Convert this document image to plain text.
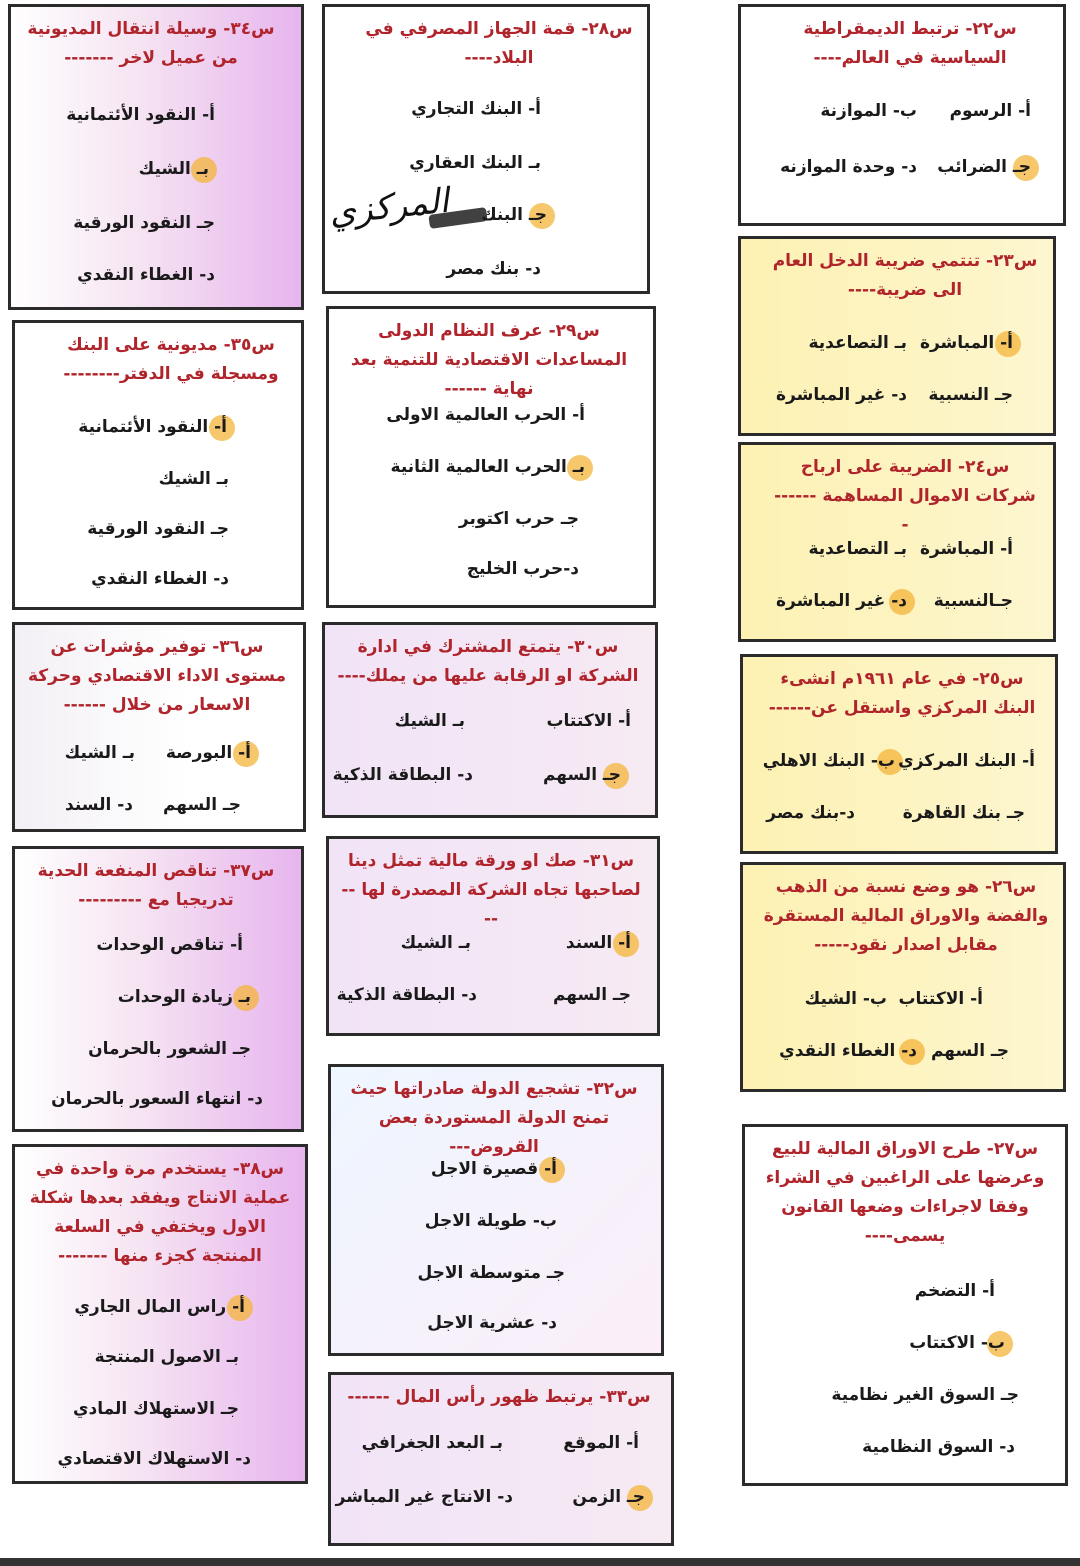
س٢٢- ترتبط الديمقراطية السياسية في العالم----
أ- الرسوم
ب- الموازنة
جـ الضرائب
د- وحدة الموازنه
س٢٣- تنتمي ضريبة الدخل العام الى ضريبة----
أ- المباشرة
بـ التصاعدية
جـ النسبية
د- غير المباشرة
س٢٤- الضريبة على ارباح شركات الاموال المساهمة -------
أ- المباشرة
بـ التصاعدية
جـالنسبية
د- غير المباشرة
س٢٥- في عام ١٩٦١م انشىء البنك المركزي واستقل عن------
أ- البنك المركزي
ب- البنك الاهلي
جـ بنك القاهرة
د-بنك مصر
س٢٦- هو وضع نسبة من الذهب والفضة والاوراق المالية المستقرة مقابل اصدار نقود-----
أ- الاكتتاب
ب- الشيك
جـ السهم
د- الغطاء النقدي
س٢٧- طرح الاوراق المالية للبيع وعرضها على الراغبين في الشراء وفقا لاجراءات وضعها القانون يسمى----
أ- التضخم
ب- الاكتتاب
جـ السوق الغير نظامية
د- السوق النظامية
س٢٨- قمة الجهاز المصرفي في البلاد----
أ- البنك التجاري
بـ البنك العقاري
جـ البنك
المركزي
د- بنك مصر
س٢٩- عرف النظام الدولى المساعدات الاقتصادية للتنمية بعد نهاية ------
أ- الحرب العالمية الاولى
بـ الحرب العالمية الثانية
جـ حرب اكتوبر
د-حرب الخليج
س٣٠- يتمتع المشترك في ادارة الشركة او الرقابة عليها من يملك----
أ- الاكتتاب
بـ الشيك
جـ السهم
د- البطاقة الذكية
س٣١- صك او ورقة مالية تمثل دينا لصاحبها تجاه الشركة المصدرة لها ----
أ- السند
بـ الشيك
جـ السهم
د- البطاقة الذكية
س٣٢- تشجيع الدولة صادراتها حيث تمنح الدولة المستوردة بعض القروض---
أ- قصيرة الاجل
ب- طويلة الاجل
جـ متوسطة الاجل
د- عشرية الاجل
س٣٣- يرتبط ظهور رأس المال ------
أ- الموقع
بـ البعد الجغرافي
جـ الزمن
د- الانتاج غير المباشر
س٣٤- وسيلة انتقال المديونية من عميل لاخر -------
أ- النقود الأئتمانية
بـ الشيك
جـ النقود الورقية
د- الغطاء النقدي
س٣٥- مديونية على البنك ومسجلة في الدفتر--------
أ- النقود الأئتمانية
بـ الشيك
جـ النقود الورقية
د- الغطاء النقدي
س٣٦- توفير مؤشرات عن مستوى الاداء الاقتصادي وحركة الاسعار من خلال ------
أ- البورصة
بـ الشيك
جـ السهم
د- السند
س٣٧- تناقص المنفعة الحدية تدريجيا مع ---------
أ- تناقص الوحدات
بـ زيادة الوحدات
جـ الشعور بالحرمان
د- انتهاء السعور بالحرمان
س٣٨- يستخدم مرة واحدة في عملية الانتاج ويفقد بعدها شكلة الاول ويختفي في السلعة المنتجة كجزء منها -------
أ- راس المال الجاري
بـ الاصول المنتجة
جـ الاستهلاك المادي
د- الاستهلاك الاقتصادي
